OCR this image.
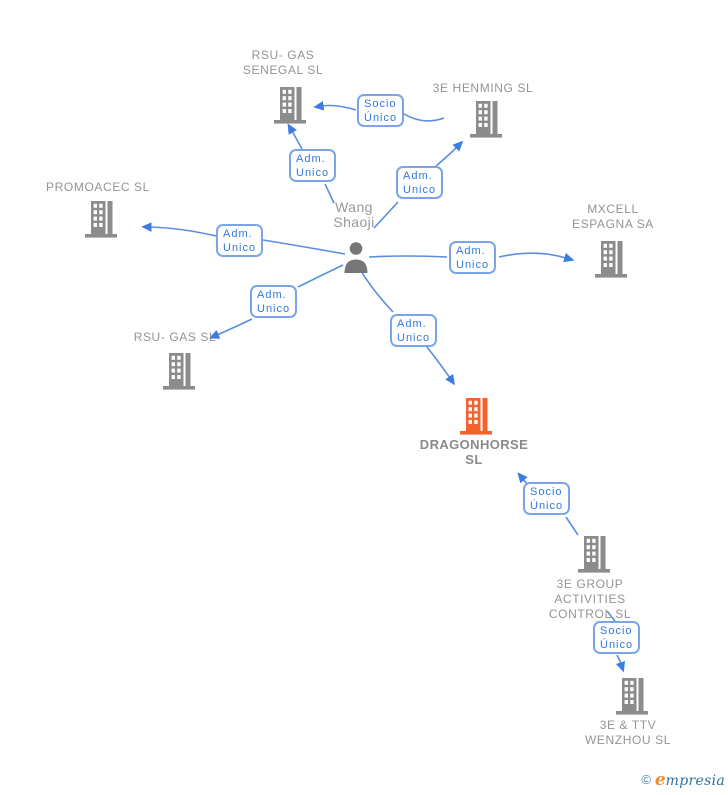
RSU- GAS
SENEGAL SL
3E HENMING SL
PROMOACEC SL
MXCELL
ESPAGNA SA
RSU- GAS SL
DRAGONHORSE
SL
3E GROUP
ACTIVITIES
CONTROL SL
3E & TTV
WENZHOU SL
Wang
Shaoji
Socio
Único
Adm.
Unico	Adm.
Unico
Adm.
Unico	Adm.
Unico
Adm.
Unico
Adm.
Unico
Socio
Único
Socio
Único
© empresia
